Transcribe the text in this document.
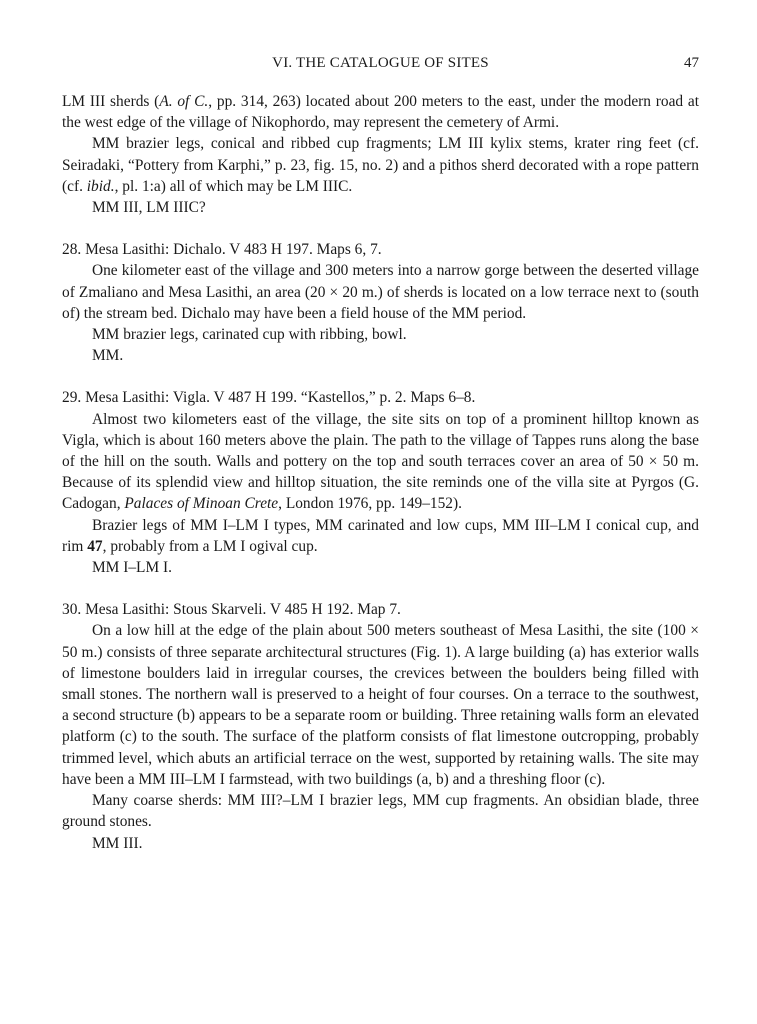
VI. THE CATALOGUE OF SITES	47

LM III sherds (A. of C., pp. 314, 263) located about 200 meters to the east, under the modern road at the west edge of the village of Nikophordo, may represent the cemetery of Armi.

MM brazier legs, conical and ribbed cup fragments; LM III kylix stems, krater ring feet (cf. Seiradaki, “Pottery from Karphi,” p. 23, fig. 15, no. 2) and a pithos sherd decorated with a rope pattern (cf. ibid., pl. 1:a) all of which may be LM IIIC.

MM III, LM IIIC?

28. Mesa Lasithi: Dichalo. V 483 H 197. Maps 6, 7.

One kilometer east of the village and 300 meters into a narrow gorge between the deserted village of Zmaliano and Mesa Lasithi, an area (20 × 20 m.) of sherds is located on a low terrace next to (south of) the stream bed. Dichalo may have been a field house of the MM period.

MM brazier legs, carinated cup with ribbing, bowl.

MM.

29. Mesa Lasithi: Vigla. V 487 H 199. “Kastellos,” p. 2. Maps 6–8.

Almost two kilometers east of the village, the site sits on top of a prominent hilltop known as Vigla, which is about 160 meters above the plain. The path to the village of Tappes runs along the base of the hill on the south. Walls and pottery on the top and south terraces cover an area of 50 × 50 m. Because of its splendid view and hilltop situation, the site reminds one of the villa site at Pyrgos (G. Cadogan, Palaces of Minoan Crete, London 1976, pp. 149–152).

Brazier legs of MM I–LM I types, MM carinated and low cups, MM III–LM I conical cup, and rim 47, probably from a LM I ogival cup.

MM I–LM I.

30. Mesa Lasithi: Stous Skarveli. V 485 H 192. Map 7.

On a low hill at the edge of the plain about 500 meters southeast of Mesa Lasithi, the site (100 × 50 m.) consists of three separate architectural structures (Fig. 1). A large building (a) has exterior walls of limestone boulders laid in irregular courses, the crevices between the boulders being filled with small stones. The northern wall is preserved to a height of four courses. On a terrace to the southwest, a second structure (b) appears to be a separate room or building. Three retaining walls form an elevated platform (c) to the south. The surface of the platform consists of flat limestone outcropping, probably trimmed level, which abuts an artificial terrace on the west, supported by retaining walls. The site may have been a MM III–LM I farmstead, with two buildings (a, b) and a threshing floor (c).

Many coarse sherds: MM III?–LM I brazier legs, MM cup fragments. An obsidian blade, three ground stones.

MM III.
